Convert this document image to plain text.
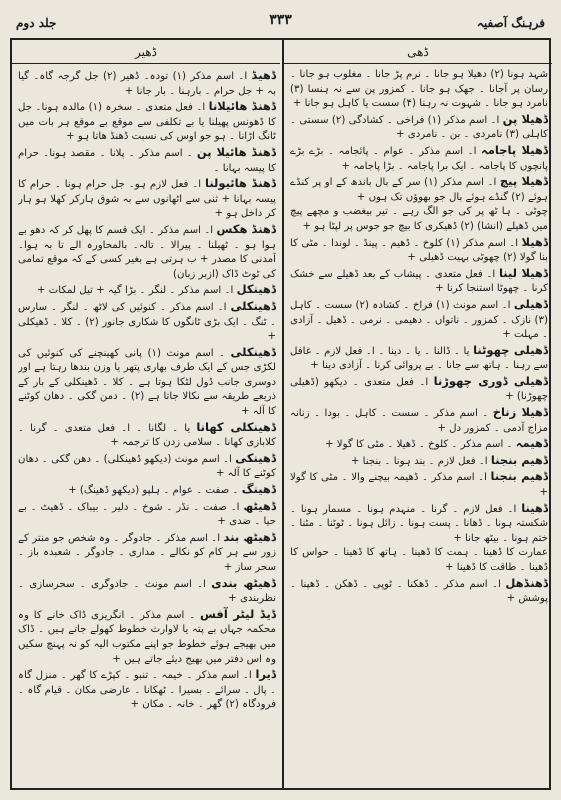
فرہنگ آصفیہ
۳۳۳
جلد دوم
ڈھیر	ڈھی

ڈھیڈ ا۔ اسم مذکر (۱) تودہ۔ ڈھیر (۲) جل گرجہ گاہ۔ گیا بہ + جل حرام ۔ بارہنا ۔ بار جانا +

ڈھنڈ ھائیلانا ا۔ فعل متعدی ۔ سخرہ (۱) مالدہ ہونا۔ جل کا ڈھونس پھیلنا یا بے تکلفی سے موقع بے موقع ہر بات میں ٹانگ اڑانا ۔ ہو جو اوس کی نسبت ڈھنڈ ھاتا ہو +

ڈھنڈ ھائیلا پن ۔ اسم مذکر ۔ پلانا ۔ مقصد ہونا۔ حرام کا پیسہ بہانا ۔

ڈھنڈ ھائیولنا ا۔ فعل لازم ہو۔ جل حرام ہونا ۔ حرام کا پیسہ بہانا + ثنی سے اٹھانوں سے بہ شوق ہارکر کھلا ہو ہار کر داخل ہو +

ڈھنڈ ھکس ا۔ اسم مذکر ۔ ایک قسم کا پھل کر کہ دھو بے ہوا ہو ۔ ٹھیلنا ۔ پیرالا ۔ تالہ۔ بالمحاورہ الے تا بہ ہوا۔ آمدنی کا مصدر + ب ہرتی ہے بغیر کسی کے کہ موقع تمامی کی ٹوٹ ڈاک (ازبر زبان)

ڈھینکل ا۔ اسم مذکر ۔ لنگر ۔ بڑا گیہ + تیل لمکات +

ڈھینکلی ا۔ اسم مذکر ۔ کنوئیں کی لاٹھ ۔ لنگر ۔ سارس ۔ ٹنگ ۔ ایک بڑی ٹانگوں کا شکاری جانور (۲) ۔ کلا ۔ ڈھیکلی +

ڈھینکلی ۔ اسم مونث (۱) پانی کھینچنے کی کنوئیں کی لکڑی جس کے ایک طرف بھاری پتھر یا وزن بندھا رہتا ہے اور دوسری جانب ڈول لٹکا ہوتا ہے ۔ کلا ۔ ڈھینکلی کے بار کے ذریعے طریقہ سے نکالا جاتا ہے (۲) ۔ دمن گکی ۔ دھان کوٹنے کا آلہ +

ڈھینکلی کھانا یا ۔ لگانا ۔ ا۔ فعل متعدی ۔ گرنا ۔ کلابازی کھانا ۔ سلامی زدن کا ترجمہ +

ڈھینکی ا۔ اسم مونث (دیکھو ڈھینکلی) ۔ دھن گکی ۔ دھان کوٹنے کا آلہ +

ڈھینگ ۔ صفت ۔ عوام ۔ ہلپو (دیکھو ڈھینگ) +

ڈھیٹھ ا۔ صفت ۔ نڈر ۔ شوخ ۔ دلیر ۔ بیباک ۔ ڈھیٹ ۔ بے حیا ۔ ضدی +

ڈھیٹھ بند ا۔ اسم مذکر ۔ جادوگر ۔ وہ شخص جو منتر کے زور سے ہر کام کو نکالے ۔ مداری ۔ جادوگر ۔ شعبدہ باز ۔ سحر ساز +

ڈھیٹھ بندی ا۔ اسم مونث ۔ جادوگری ۔ سحرسازی ۔ نظربندی +

ڈیڈ لیٹر آفس ۔ اسم مذکر ۔ انگریزی ڈاک خانے کا وہ محکمہ جہاں بے پتہ یا لاوارث خطوط کھولے جاتے ہیں ۔ ڈاک میں بھیجے ہوئے خطوط جو اپنے مکتوب الیہ کو نہ پہنچ سکیں وہ اس دفتر میں بھیج دیئے جاتے ہیں +

ڈیرا ا۔ اسم مذکر ۔ خیمہ ۔ تنبو ۔ کپڑے کا گھر ۔ منزل گاہ ۔ پال ۔ سرائے ۔ بسیرا ۔ ٹھکانا ۔ عارضی مکان ۔ قیام گاہ ۔ فرودگاہ (۲) گھر ۔ خانہ ۔ مکان +

شہد ہونا (۲) دھیلا ہو جانا ۔ نرم پڑ جانا ۔ مغلوب ہو جانا ۔ رسان پر آجانا ۔ جھک ہو جانا ۔ کمزور پن سے نہ ہنسا (۳) نامرد ہو جانا ۔ شہوت نہ رہنا (۴) سست یا کاہل ہو جانا +

ڈھیلا پن ا۔ اسم مذکر (۱) فراخی ۔ کشادگی (۲) سستی ۔ کاہلی (۳) نامردی ۔ بن ۔ نامردی +

ڈھیلا پاجامہ ا۔ اسم مذکر ۔ عوام ۔ پائجامہ ۔ بڑے بڑے پانچوں کا پاجامہ ۔ ایک برا پاجامہ ۔ بڑا پاجامہ +

ڈھیلا پیچ ا۔ اسم مذکر (۱) سر کے بال باندھ کے او پر کنڈے ہوئے (۲) گنڈے ہوئے بال جو بھوؤں تک ہوں +

چوٹی ۔ ہا ٹھ پر کی جو الگ رہے ۔ تیر بیغضب و مچھے پیچ میں ڈھیلے (انشا) (۲) ڈھیکری کا بیچ جو جوس پر لپٹا ہو +

ڈھیلا ا۔ اسم مذکر (۱) کلوخ ۔ ڈھیم ۔ پینڈ ۔ لوندا ۔ مٹی کا بنا گولا (۲) چھوٹی بہیت ڈھیلی +

ڈھیلا لینا ا۔ فعل متعدی ۔ پیشاب کے بعد ڈھیلے سے خشک کرنا ۔ چھوٹا استنجا کرنا +

ڈھیلی ا۔ اسم مونث (۱) فراخ ۔ کشادہ (۲) سست ۔ کاہل (۳) نازک ۔ کمزور ۔ ناتواں ۔ دھیمی ۔ نرمی ۔ ڈھیل ۔ آزادی ۔ مہلت +

ڈھیلی چھوٹنا یا ۔ ڈالنا ۔ یا ۔ دینا ۔ ا۔ فعل لازم ۔ غافل سے رہنا ۔ ہاتھ سے جانا ۔ بے پروائی کرنا ۔ آزادی دینا +

ڈھیلی ڈوری چھوڑنا ا۔ فعل متعدی ۔ دیکھو (ڈھیلی چھوڑنا) +

ڈھیلا زناخ ۔ اسم مذکر ۔ سست ۔ کاہل ۔ بودا ۔ زنانہ مزاج آدمی ۔ کمزور دل +

ڈھیمہ ۔ اسم مذکر ۔ کلوخ ۔ ڈھیلا ۔ مٹی کا گولا +

ڈھیم بنجنا ا۔ فعل لازم ۔ بند ہونا ۔ بنجنا +

ڈھیم بنجنا ا۔ اسم مذکر ۔ ڈھیمہ بیچنے والا ۔ مٹی کا گولا +

ڈھینا ا۔ فعل لازم ۔ گرنا ۔ منہدم ہونا ۔ مسمار ہونا ۔ شکستہ ہونا ۔ ڈھانا ۔ پست ہونا ۔ زائل ہونا ۔ ٹوٹنا ۔ مٹنا ۔ ختم ہونا ۔ بیٹھ جانا +

عمارت کا ڈھینا ۔ ہمت کا ڈھینا ۔ ہاتھ کا ڈھینا ۔ حواس کا ڈھینا ۔ طاقت کا ڈھینا +

ڈھنڈھل ا۔ اسم مذکر ۔ ڈھکنا ۔ ٹوپی ۔ ڈھکن ۔ ڈھپنا ۔ پوشش +
